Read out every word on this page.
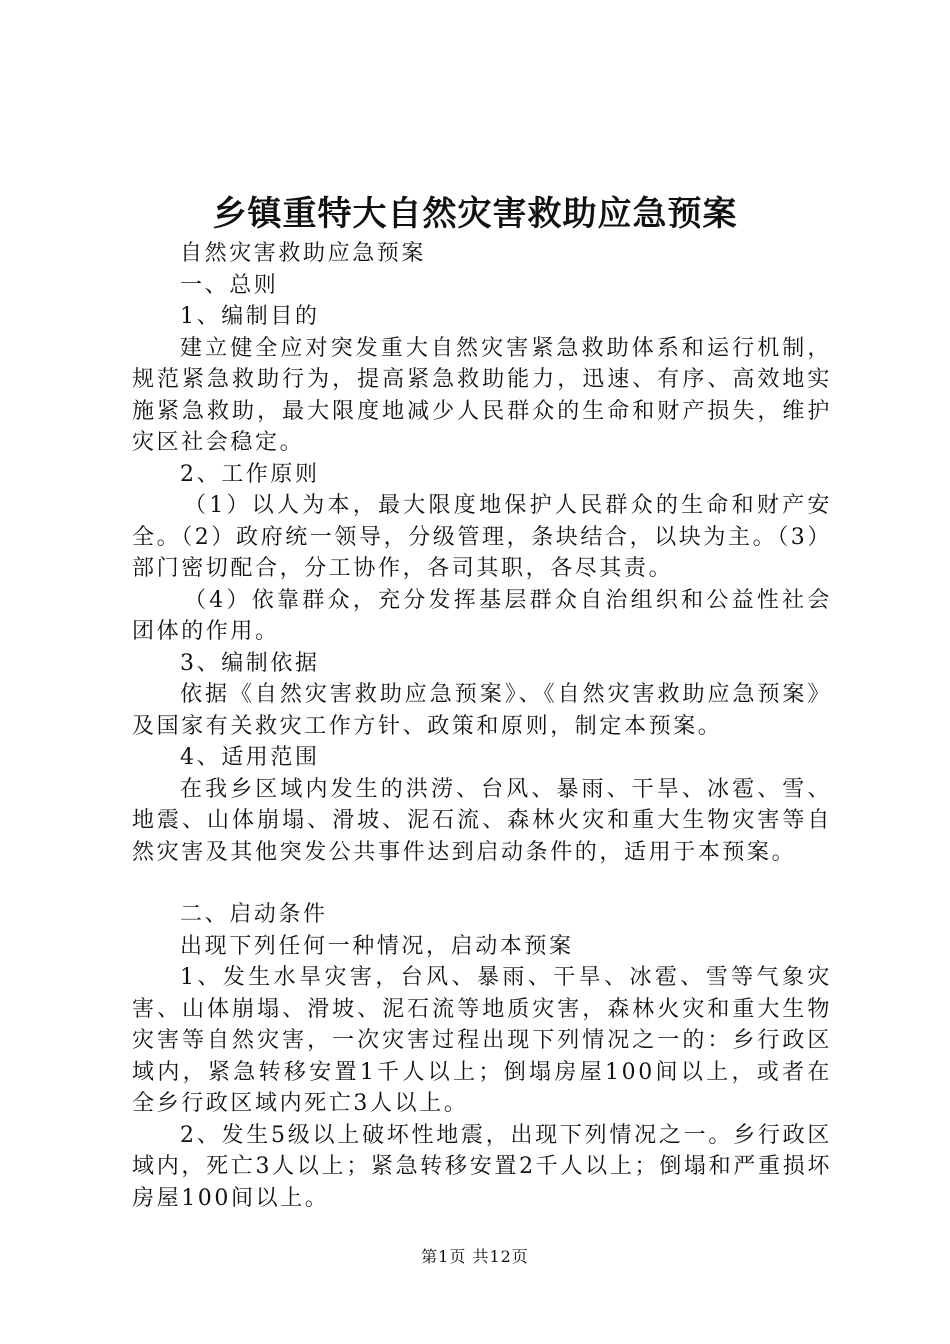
乡镇重特大自然灾害救助应急预案

自然灾害救助应急预案

一、总则

1、编制目的

建立健全应对突发重大自然灾害紧急救助体系和运行机制，规范紧急救助行为，提高紧急救助能力，迅速、有序、高效地实施紧急救助，最大限度地减少人民群众的生命和财产损失，维护灾区社会稳定。

2、工作原则

（1）以人为本，最大限度地保护人民群众的生命和财产安全。（2）政府统一领导，分级管理，条块结合，以块为主。（3）部门密切配合，分工协作，各司其职，各尽其责。

（4）依靠群众，充分发挥基层群众自治组织和公益性社会团体的作用。

3、编制依据

依据《自然灾害救助应急预案》、《自然灾害救助应急预案》及国家有关救灾工作方针、政策和原则，制定本预案。

4、适用范围

在我乡区域内发生的洪涝、台风、暴雨、干旱、冰雹、雪、地震、山体崩塌、滑坡、泥石流、森林火灾和重大生物灾害等自然灾害及其他突发公共事件达到启动条件的，适用于本预案。

二、启动条件

出现下列任何一种情况，启动本预案

1、发生水旱灾害，台风、暴雨、干旱、冰雹、雪等气象灾害、山体崩塌、滑坡、泥石流等地质灾害，森林火灾和重大生物灾害等自然灾害，一次灾害过程出现下列情况之一的：乡行政区域内，紧急转移安置1千人以上；倒塌房屋100间以上，或者在全乡行政区域内死亡3人以上。

2、发生5级以上破坏性地震，出现下列情况之一。乡行政区域内，死亡3人以上；紧急转移安置2千人以上；倒塌和严重损坏房屋100间以上。

第1页 共12页
